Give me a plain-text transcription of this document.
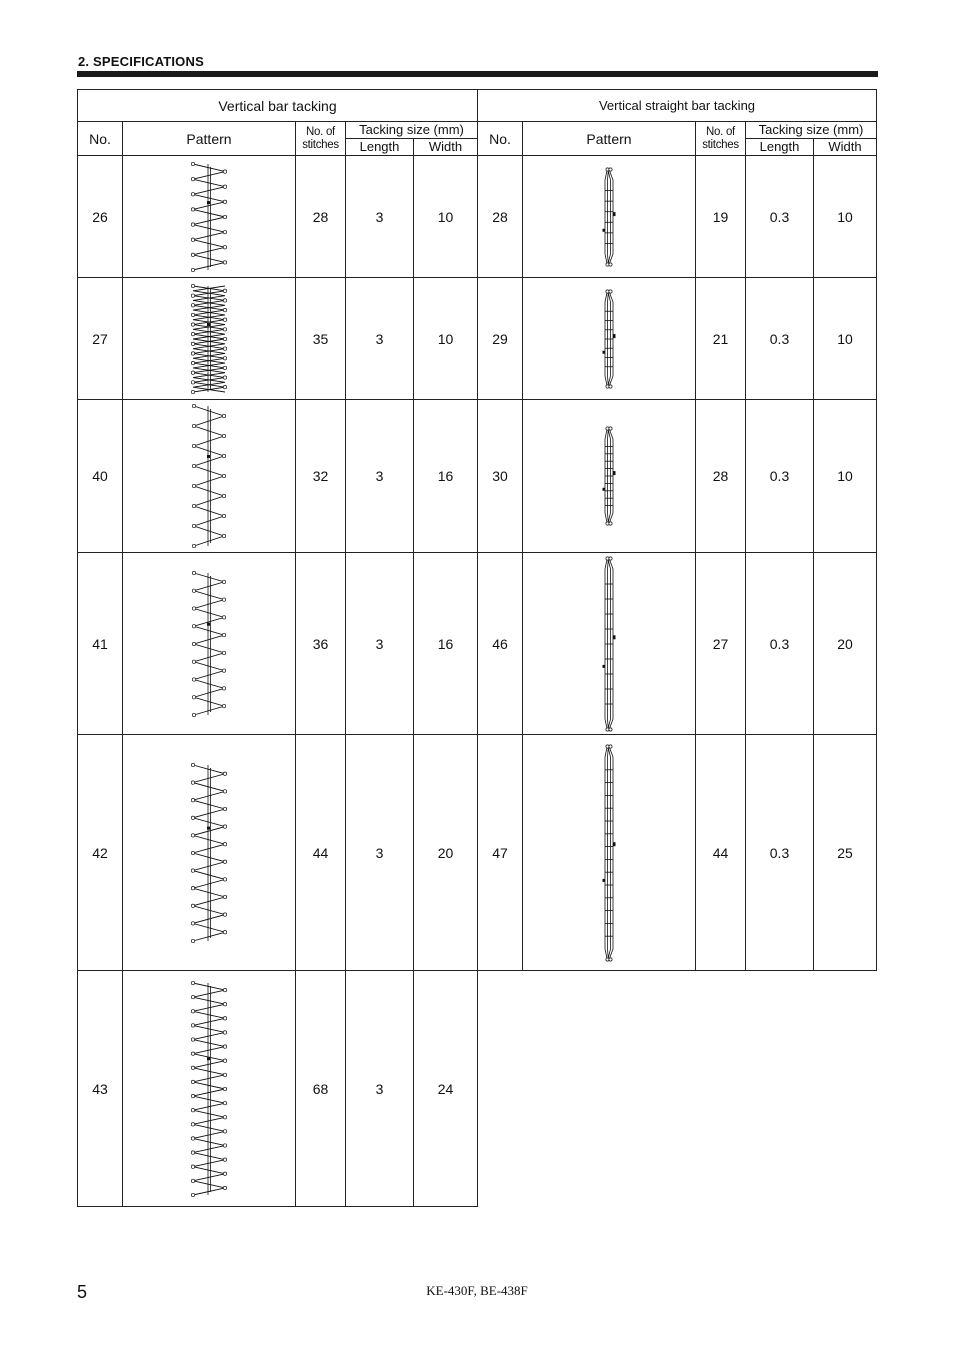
2. SPECIFICATIONS
Vertical bar tacking				
No.	Pattern	No. of
stitches	Tacking size (mm)	
			Length	Width
26		28	3	10
27		35	3	10
40		32	3	16
41		36	3	16
42		44	3	20
43		68	3	24
Vertical straight bar tacking				
No.	Pattern	No. of
stitches	Tacking size (mm)	
			Length	Width
28		19	0.3	10
29		21	0.3	10
30		28	0.3	10
46		27	0.3	20
47		44	0.3	25
5	KE-430F, BE-438F
